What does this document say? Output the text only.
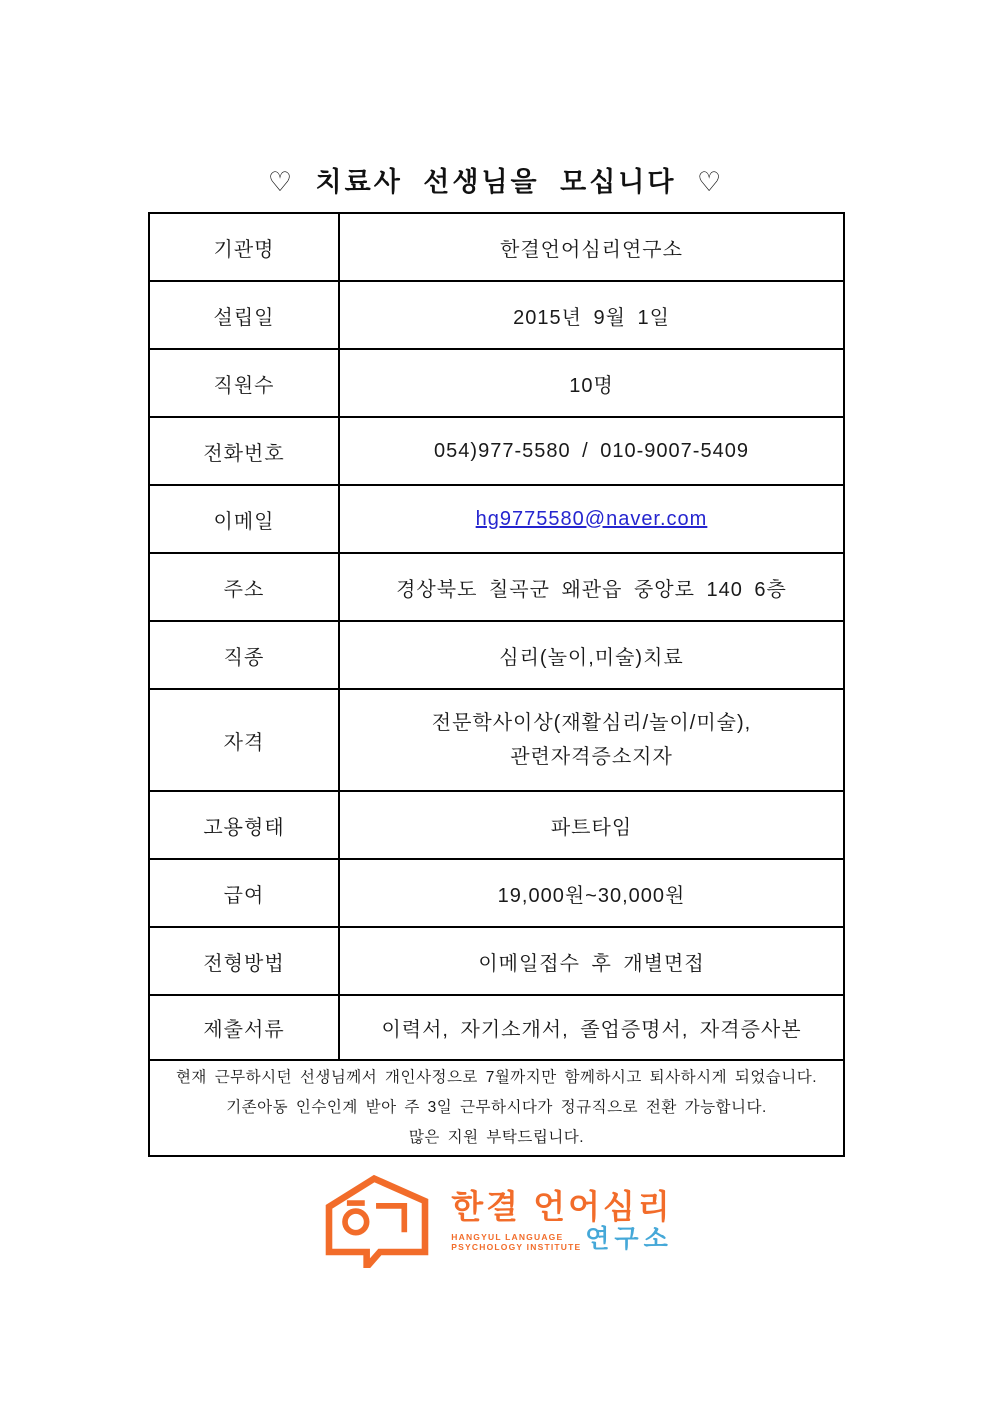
♡ 치료사 선생님을 모십니다 ♡
기관명	한결언어심리연구소
설립일	2015년 9월 1일
직원수	10명
전화번호	054)977-5580 / 010-9007-5409
이메일	hg9775580@naver.com
주소	경상북도 칠곡군 왜관읍 중앙로 140 6층
직종	심리(놀이,미술)치료
자격	전문학사이상(재활심리/놀이/미술),
관련자격증소지자

고용형태	파트타임
급여	19,000원~30,000원
전형방법	이메일접수 후 개별면접
제출서류	이력서, 자기소개서, 졸업증명서, 자격증사본

현재 근무하시던 선생님께서 개인사정으로 7월까지만 함께하시고 퇴사하시게 되었습니다.
기존아동 인수인계 받아 주 3일 근무하시다가 정규직으로 전환 가능합니다.
많은 지원 부탁드립니다.	
한결 언어심리
HANGYUL LANGUAGE
PSYCHOLOGY INSTITUTE 연구소
